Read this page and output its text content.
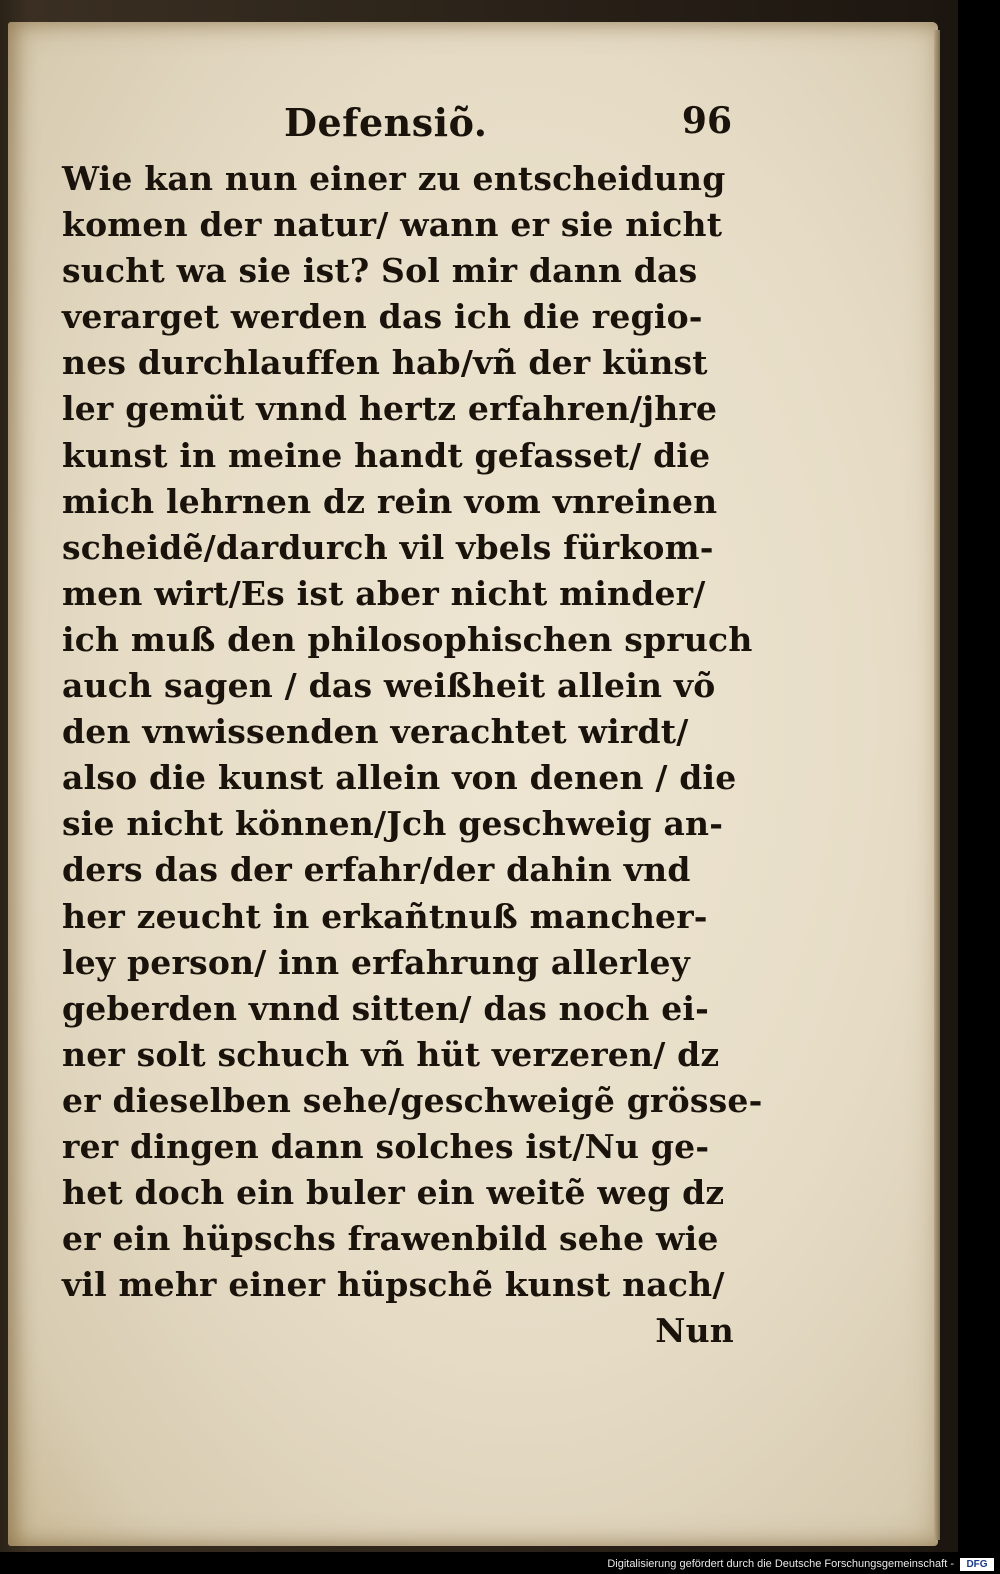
Defensiõ.	96
Wie kan nun einer zu entscheidung
komen der natur/ wann er sie nicht
sucht wa sie ist? Sol mir dann das
verarget werden das ich die regio-
nes durchlauffen hab/vñ der künst
ler gemüt vnnd hertz erfahren/jhre
kunst in meine handt gefasset/ die
mich lehrnen dz rein vom vnreinen
scheidẽ/dardurch vil vbels fürkom-
men wirt/Es ist aber nicht minder/
ich muß den philosophischen spruch
auch sagen / das weißheit allein võ
den vnwissenden verachtet wirdt/
also die kunst allein von denen / die
sie nicht können/Jch geschweig an-
ders das der erfahr/der dahin vnd
her zeucht in erkañtnuß mancher-
ley person/ inn erfahrung allerley
geberden vnnd sitten/ das noch ei-
ner solt schuch vñ hüt verzeren/ dz
er dieselben sehe/geschweigẽ grösse-
rer dingen dann solches ist/Nu ge-
het doch ein buler ein weitẽ weg dz
er ein hüpschs frawenbild sehe wie
vil mehr einer hüpschẽ kunst nach/
Nun
Digitalisierung gefördert durch die Deutsche Forschungsgemeinschaft -	DFG
